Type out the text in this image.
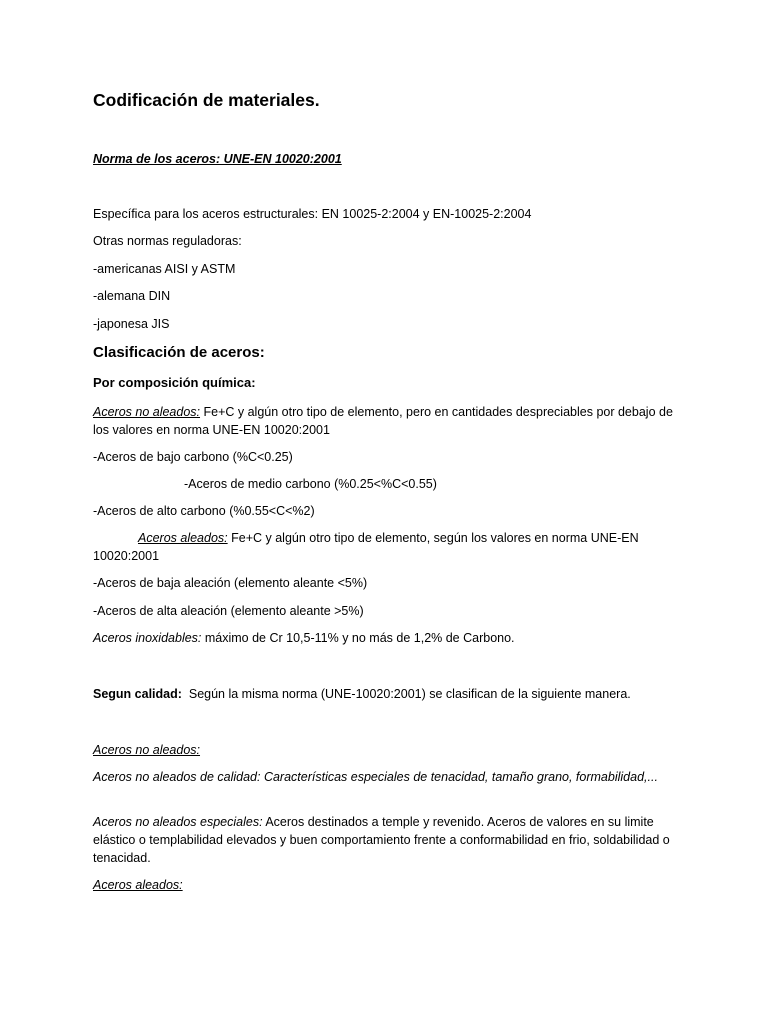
Codificación de materiales.

Norma de los aceros: UNE-EN 10020:2001

Específica para los aceros estructurales: EN 10025-2:2004 y EN-10025-2:2004

Otras normas reguladoras:

-americanas AISI y ASTM

-alemana DIN

-japonesa JIS

Clasificación de aceros:

Por composición química:

Aceros no aleados: Fe+C y algún otro tipo de elemento, pero en cantidades despreciables por debajo de los valores en norma UNE-EN 10020:2001

-Aceros de bajo carbono (%C<0.25)

-Aceros de medio carbono (%0.25<%C<0.55)

-Aceros de alto carbono (%0.55<C<%2)

Aceros aleados: Fe+C y algún otro tipo de elemento, según los valores en norma UNE-EN 10020:2001

-Aceros de baja aleación (elemento aleante <5%)

-Aceros de alta aleación (elemento aleante >5%)

Aceros inoxidables: máximo de Cr 10,5-11% y no más de 1,2% de Carbono.

Segun calidad:  Según la misma norma (UNE-10020:2001) se clasifican de la siguiente manera.

Aceros no aleados:

Aceros no aleados de calidad: Características especiales de tenacidad, tamaño grano, formabilidad,...

Aceros no aleados especiales: Aceros destinados a temple y revenido. Aceros de valores en su limite elástico o templabilidad elevados y buen comportamiento frente a conformabilidad en frio, soldabilidad o tenacidad.

Aceros aleados:
